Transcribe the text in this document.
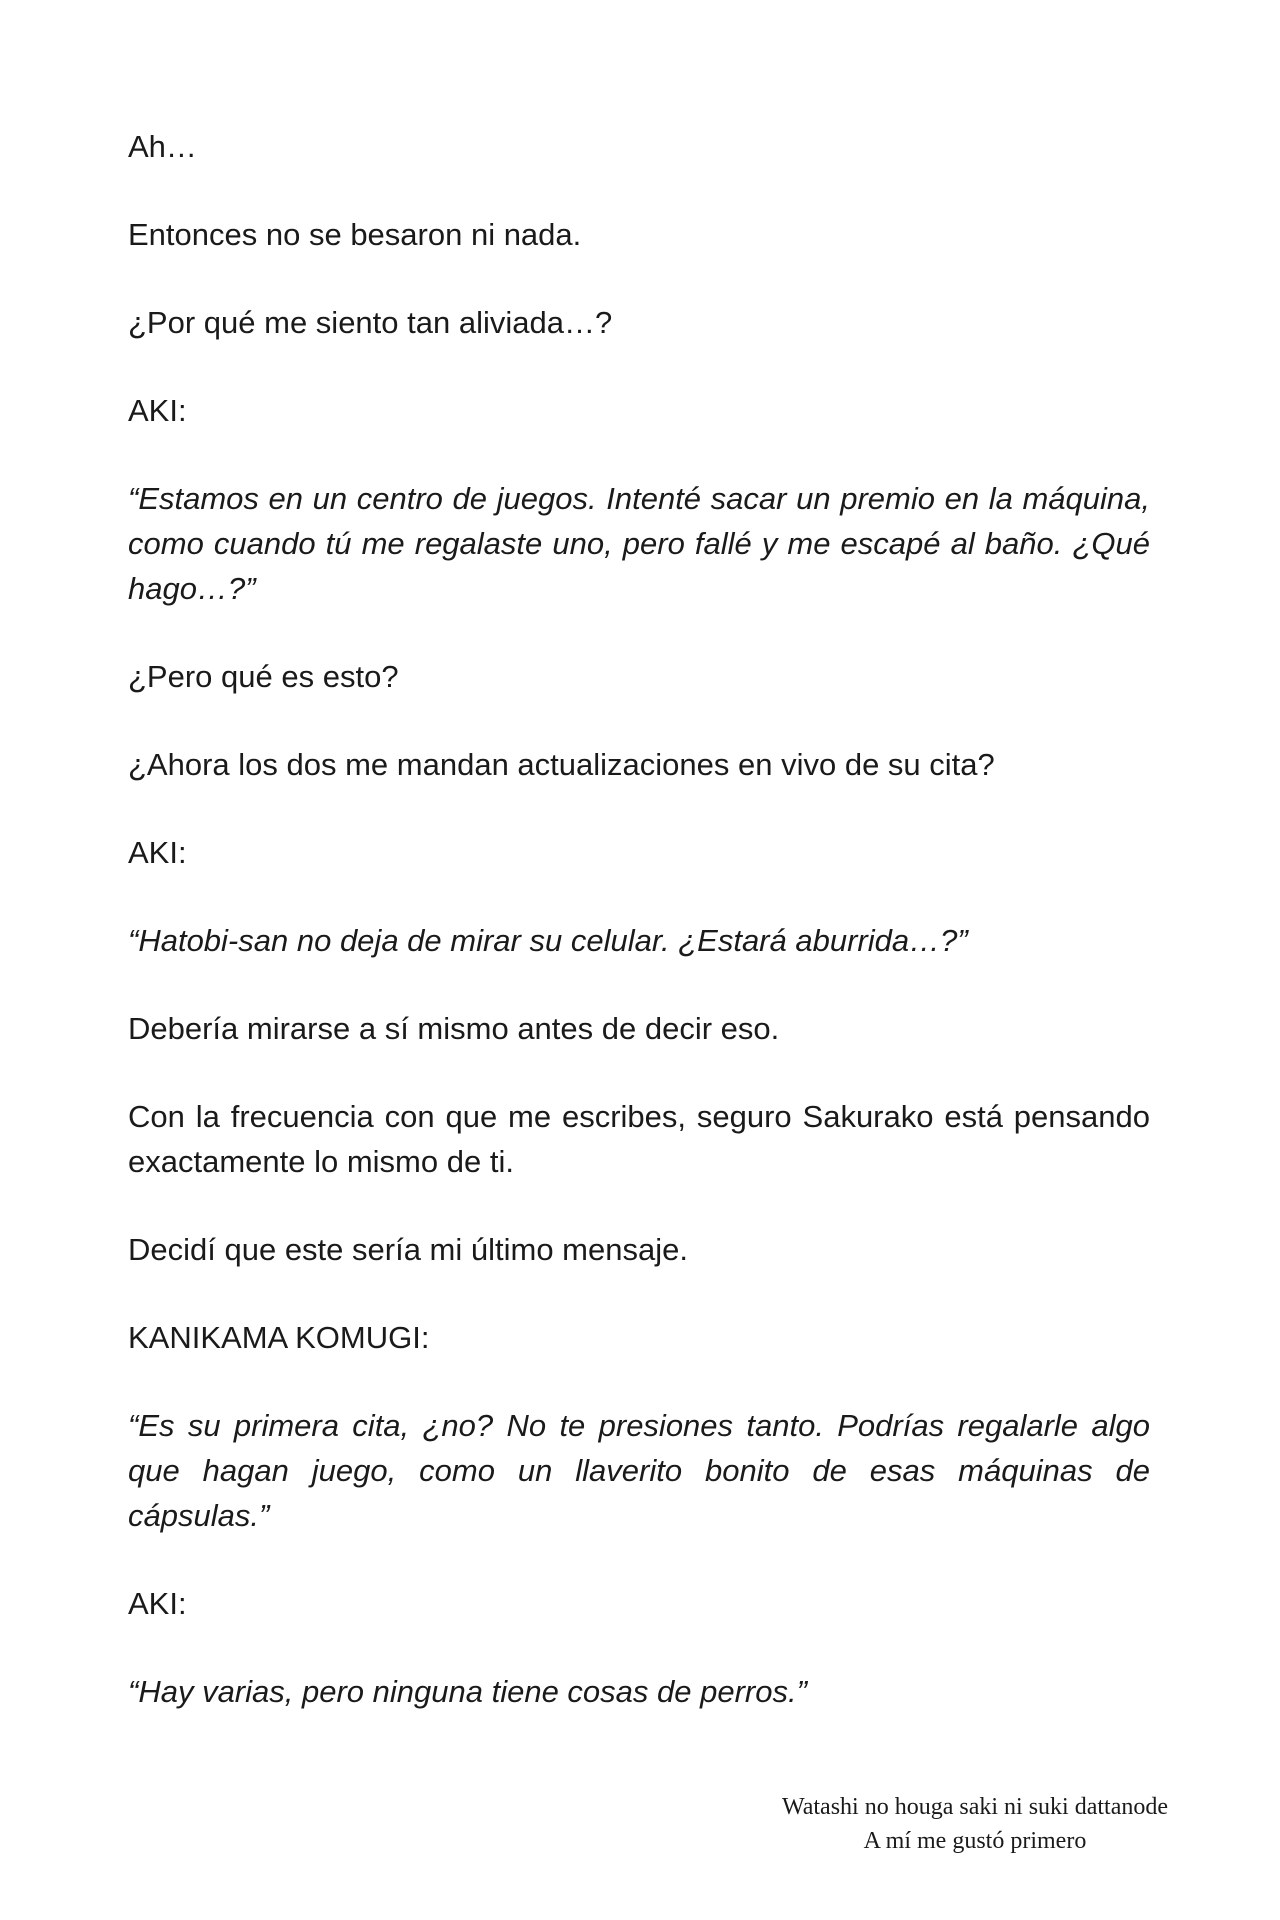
Ah…

Entonces no se besaron ni nada.

¿Por qué me siento tan aliviada…?

AKI:

“Estamos en un centro de juegos. Intenté sacar un premio en la máquina, como cuando tú me regalaste uno, pero fallé y me escapé al baño. ¿Qué hago…?”

¿Pero qué es esto?

¿Ahora los dos me mandan actualizaciones en vivo de su cita?

AKI:

“Hatobi-san no deja de mirar su celular. ¿Estará aburrida…?”

Debería mirarse a sí mismo antes de decir eso.

Con la frecuencia con que me escribes, seguro Sakurako está pensando exactamente lo mismo de ti.

Decidí que este sería mi último mensaje.

KANIKAMA KOMUGI:

“Es su primera cita, ¿no? No te presiones tanto. Podrías regalarle algo que hagan juego, como un llaverito bonito de esas máquinas de cápsulas.”

AKI:

“Hay varias, pero ninguna tiene cosas de perros.”

Watashi no houga saki ni suki dattanode
A mí me gustó primero
